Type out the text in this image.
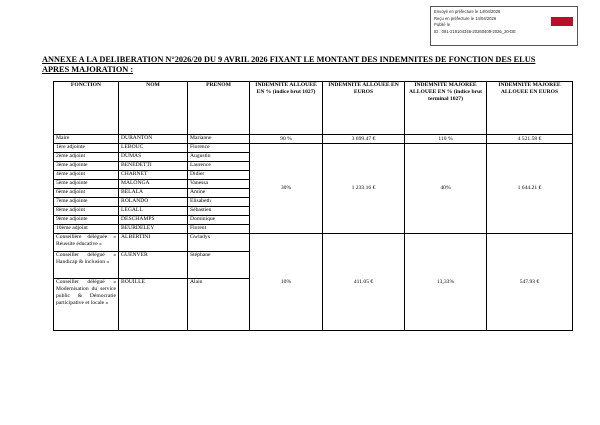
Envoyé en préfecture le 14/04/2026
Reçu en préfecture le 14/04/2026
Publié le
ID : 091-219104346-20260409-2026_20-DE
ANNEXE A LA DELIBERATION N°2026/20 DU 9 AVRIL 2026 FIXANT LE MONTANT DES INDEMNITES DE FONCTION DES ELUS APRES MAJORATION :
FONCTION	NOM	PRENOM	INDEMNITE ALLOUEE EN % (indice brut 1027)	INDEMNITE ALLOUEE EN EUROS	INDEMNITE MAJOREE ALLOUEE EN % (indice brut terminal 1027)	INDEMNITE MAJOREE ALLOUEE EN EUROS
Maire	DURANTON	Marianne	90 %	3 699.47 €	110 %	4 521.58 €
1ère adjointe	LEBOUC	Florence	30%	1 233.16 €	40%	1 644.21 €
2ème adjoint	DUMAS	Augustin				
3ème adjointe	BENEDETTI	Laurence				
4ème adjoint	CHARNET	Didier				
5ème adjointe	MALONGA	Vanessa				
6ème adjoint	BELALA	Amine				
7ème adjointe	ROLANDO	Elisabeth				
8ème adjoint	LEGALL	Sébastien				
9ème adjointe	DESCHAMPS	Dominique				
10ème adjoint	BEURDELEY	Florent				
Conseillère déléguée « Réussite éducative »	ALBERTINI	Gwladys	10%	411.05 €	13,33%	547.93 €
Conseiller délégué « Handicap & inclusion »	GUENVER	Stéphane				
Conseiller délégué « Modernisation du service public & Démocratie participative et locale »	BOUILLE	Alain				
